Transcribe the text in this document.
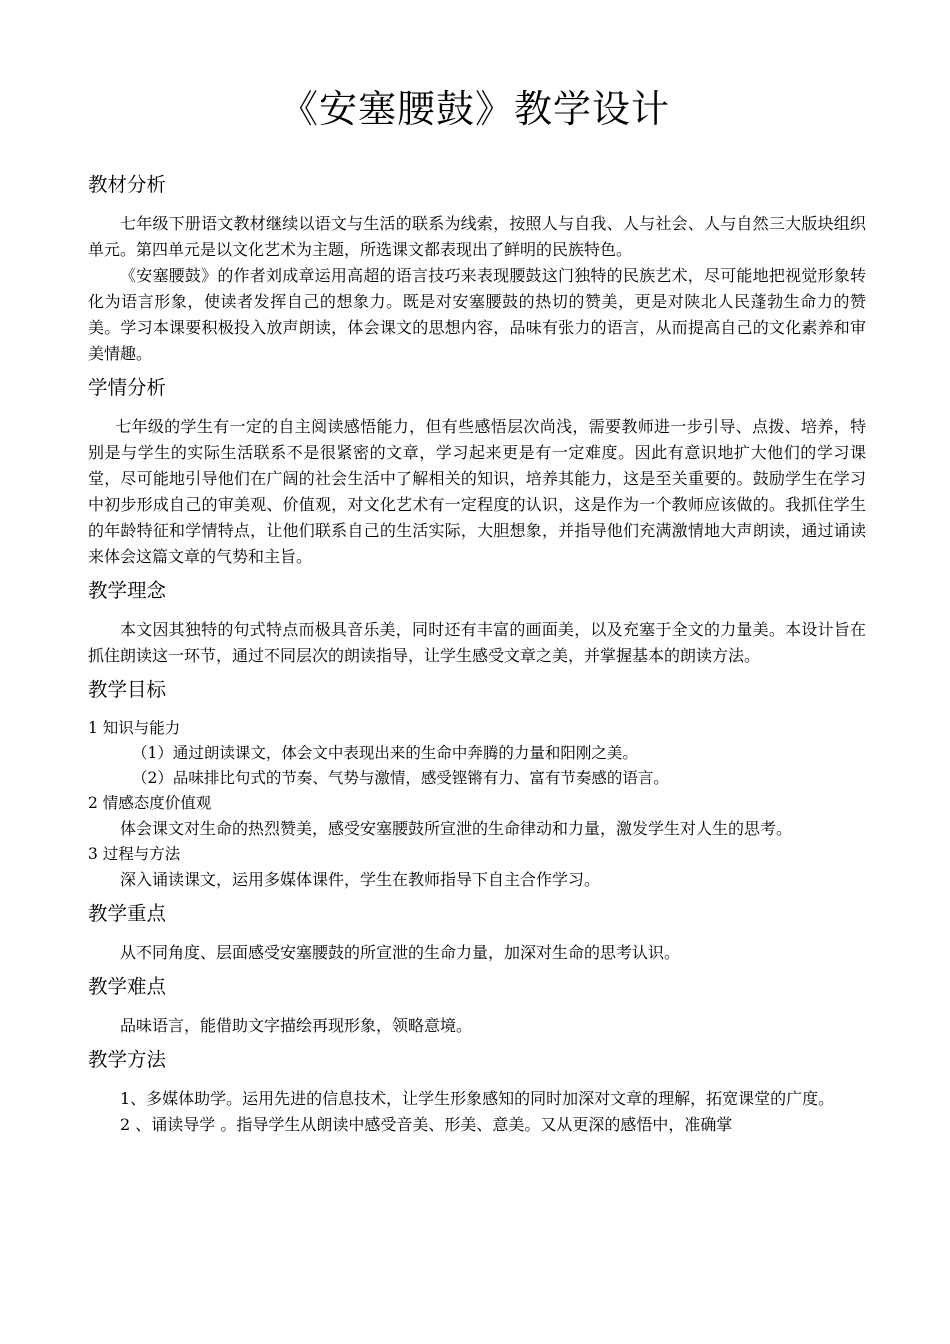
《安塞腰鼓》教学设计
教材分析

七年级下册语文教材继续以语文与生活的联系为线索，按照人与自我、人与社会、人与自然三大版块组织单元。第四单元是以文化艺术为主题，所选课文都表现出了鲜明的民族特色。

《安塞腰鼓》的作者刘成章运用高超的语言技巧来表现腰鼓这门独特的民族艺术，尽可能地把视觉形象转化为语言形象，使读者发挥自己的想象力。既是对安塞腰鼓的热切的赞美，更是对陕北人民蓬勃生命力的赞美。学习本课要积极投入放声朗读，体会课文的思想内容，品味有张力的语言，从而提高自己的文化素养和审美情趣。

学情分析

七年级的学生有一定的自主阅读感悟能力，但有些感悟层次尚浅，需要教师进一步引导、点拨、培养，特别是与学生的实际生活联系不是很紧密的文章，学习起来更是有一定难度。因此有意识地扩大他们的学习课堂，尽可能地引导他们在广阔的社会生活中了解相关的知识，培养其能力，这是至关重要的。鼓励学生在学习中初步形成自己的审美观、价值观，对文化艺术有一定程度的认识，这是作为一个教师应该做的。我抓住学生的年龄特征和学情特点，让他们联系自己的生活实际，大胆想象，并指导他们充满激情地大声朗读，通过诵读来体会这篇文章的气势和主旨。

教学理念

本文因其独特的句式特点而极具音乐美，同时还有丰富的画面美，以及充塞于全文的力量美。本设计旨在抓住朗读这一环节，通过不同层次的朗读指导，让学生感受文章之美，并掌握基本的朗读方法。

教学目标

1 知识与能力

（1）通过朗读课文，体会文中表现出来的生命中奔腾的力量和阳刚之美。

（2）品味排比句式的节奏、气势与激情，感受铿锵有力、富有节奏感的语言。

2 情感态度价值观

体会课文对生命的热烈赞美，感受安塞腰鼓所宣泄的生命律动和力量，激发学生对人生的思考。

3 过程与方法

深入诵读课文，运用多媒体课件，学生在教师指导下自主合作学习。

教学重点

从不同角度、层面感受安塞腰鼓的所宣泄的生命力量，加深对生命的思考认识。

教学难点

品味语言，能借助文字描绘再现形象，领略意境。

教学方法

1、多媒体助学。运用先进的信息技术，让学生形象感知的同时加深对文章的理解，拓宽课堂的广度。

2 、诵读导学 。指导学生从朗读中感受音美、形美、意美。又从更深的感悟中，准确掌
